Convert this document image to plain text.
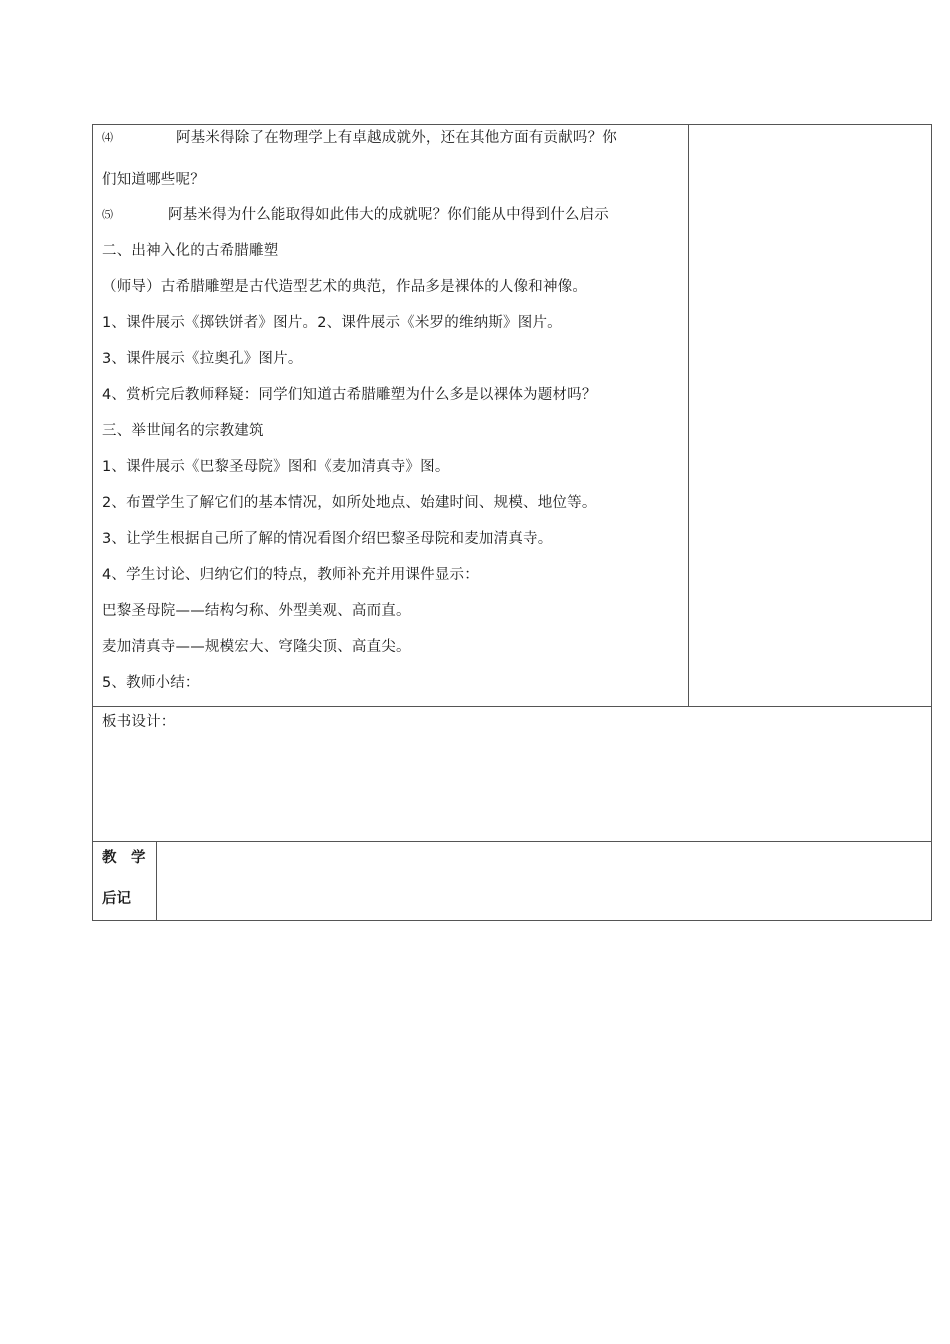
⑷	阿基米得除了在物理学上有卓越成就外，还在其他方面有贡献吗？你
们知道哪些呢？
⑸	阿基米得为什么能取得如此伟大的成就呢？你们能从中得到什么启示
二、出神入化的古希腊雕塑
（师导）古希腊雕塑是古代造型艺术的典范，作品多是裸体的人像和神像。
1、课件展示《掷铁饼者》图片。2、课件展示《米罗的维纳斯》图片。
3、课件展示《拉奥孔》图片。
4、赏析完后教师释疑：同学们知道古希腊雕塑为什么多是以裸体为题材吗？
三、举世闻名的宗教建筑
1、课件展示《巴黎圣母院》图和《麦加清真寺》图。
2、布置学生了解它们的基本情况，如所处地点、始建时间、规模、地位等。
3、让学生根据自己所了解的情况看图介绍巴黎圣母院和麦加清真寺。
4、学生讨论、归纳它们的特点，教师补充并用课件显示：
巴黎圣母院——结构匀称、外型美观、高而直。
麦加清真寺——规模宏大、穹隆尖顶、高直尖。
5、教师小结：
板书设计：
教　学
后记
